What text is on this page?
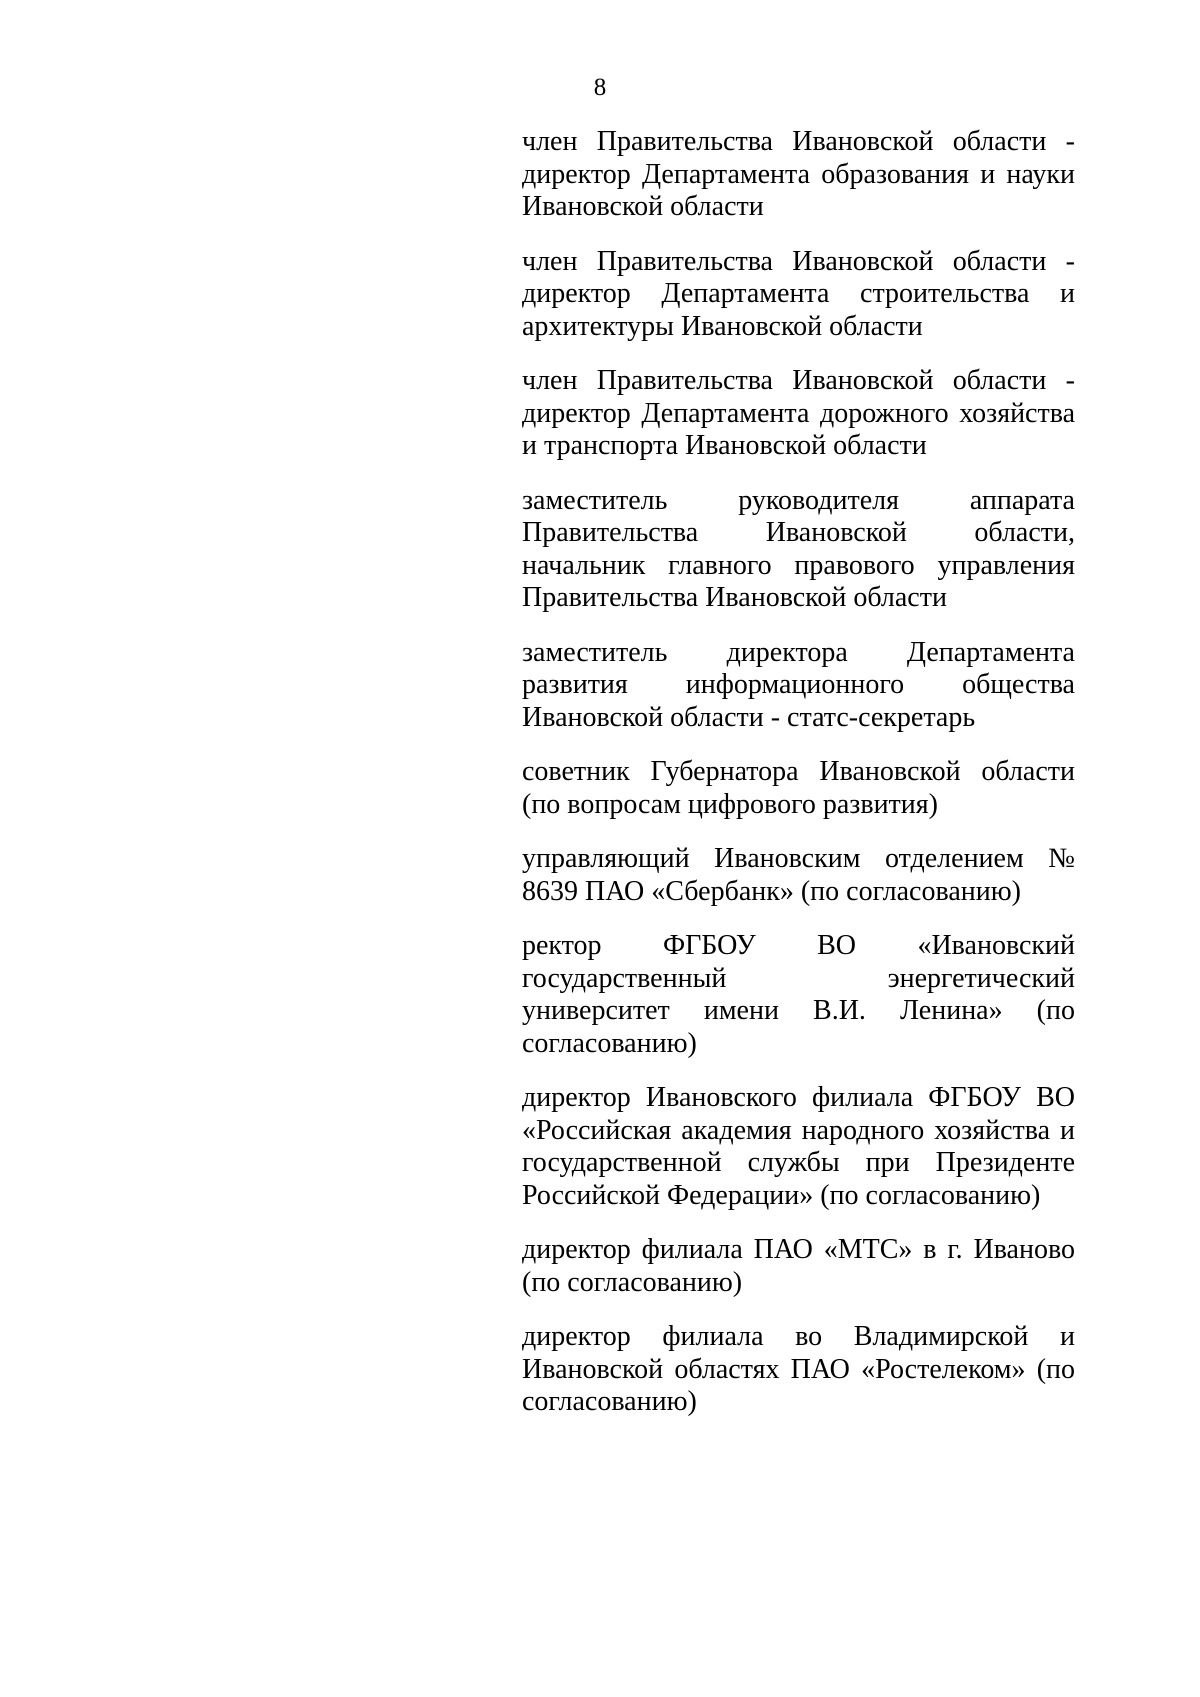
8
член Правительства Ивановской области - директор Департамента образования и науки Ивановской области
член Правительства Ивановской области - директор Департамента строительства и архитектуры Ивановской области
член Правительства Ивановской области - директор Департамента дорожного хозяйства и транспорта Ивановской области
заместитель руководителя аппарата Правительства Ивановской области, начальник главного правового управления Правительства Ивановской области
заместитель директора Департамента развития информационного общества Ивановской области - статс-секретарь
советник Губернатора Ивановской области (по вопросам цифрового развития)
управляющий Ивановским отделением № 8639 ПАО «Сбербанк» (по согласованию)
ректор ФГБОУ ВО «Ивановский государственный энергетический университет имени В.И. Ленина» (по согласованию)
директор Ивановского филиала ФГБОУ ВО «Российская академия народного хозяйства и государственной службы при Президенте Российской Федерации» (по согласованию)
директор филиала ПАО «МТС» в г. Иваново (по согласованию)
директор филиала во Владимирской и Ивановской областях ПАО «Ростелеком» (по согласованию)
